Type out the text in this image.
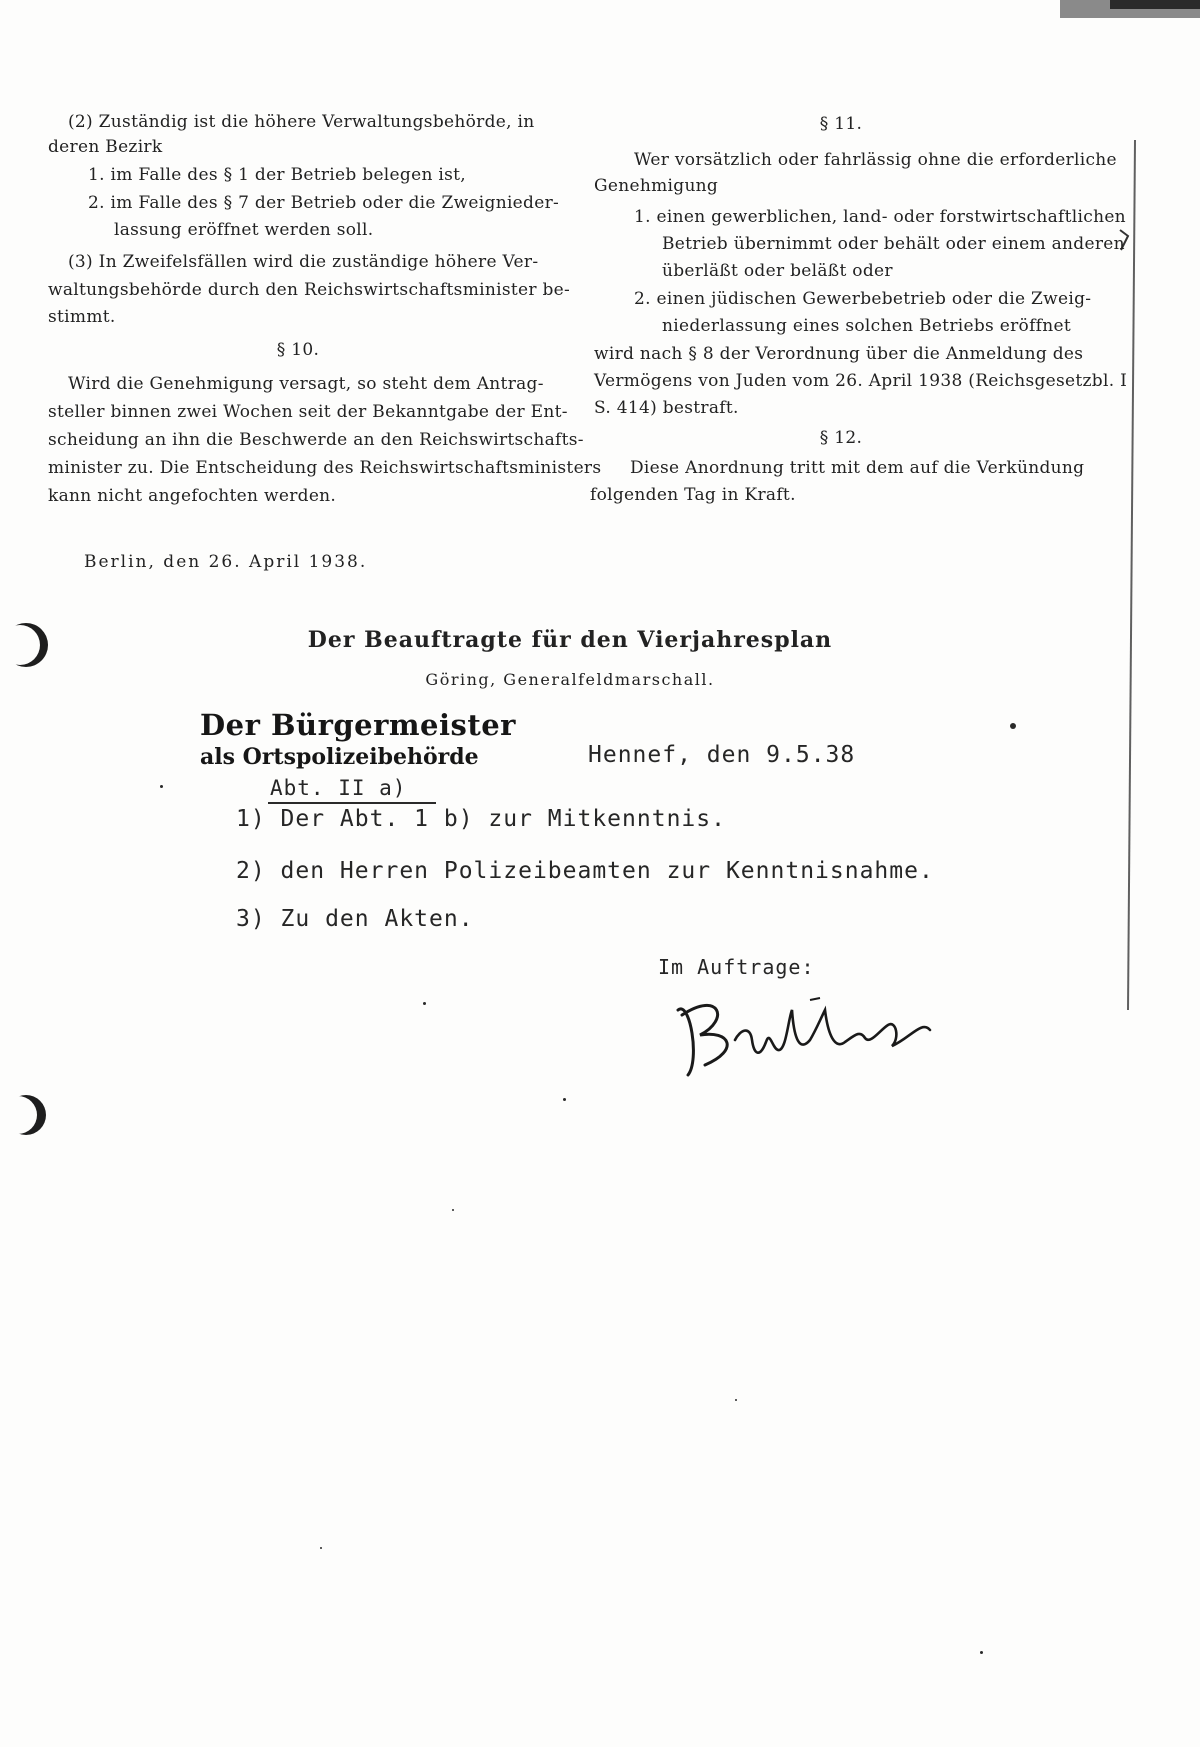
(2) Zuständig ist die höhere Verwaltungsbehörde, in
deren Bezirk
1. im Falle des § 1 der Betrieb belegen ist,
2. im Falle des § 7 der Betrieb oder die Zweignieder-
lassung eröffnet werden soll.
(3) In Zweifelsfällen wird die zuständige höhere Ver-
waltungsbehörde durch den Reichswirtschaftsminister be-
stimmt.
§ 10.
Wird die Genehmigung versagt, so steht dem Antrag-
steller binnen zwei Wochen seit der Bekanntgabe der Ent-
scheidung an ihn die Beschwerde an den Reichswirtschafts-
minister zu. Die Entscheidung des Reichswirtschaftsministers
kann nicht angefochten werden.
§ 11.
Wer vorsätzlich oder fahrlässig ohne die erforderliche
Genehmigung
1. einen gewerblichen, land- oder forstwirtschaftlichen
Betrieb übernimmt oder behält oder einem anderen
überläßt oder beläßt oder
2. einen jüdischen Gewerbebetrieb oder die Zweig-
niederlassung eines solchen Betriebs eröffnet
wird nach § 8 der Verordnung über die Anmeldung des
Vermögens von Juden vom 26. April 1938 (Reichsgesetzbl. I
S. 414) bestraft.
§ 12.
Diese Anordnung tritt mit dem auf die Verkündung
folgenden Tag in Kraft.
Berlin, den 26. April 1938.
Der Beauftragte für den Vierjahresplan
Göring, Generalfeldmarschall.
Der Bürgermeister
als Ortspolizeibehörde	Hennef, den 9.5.38
Abt. II a)
1) Der Abt. 1 b) zur Mitkenntnis.
2) den Herren Polizeibeamten zur Kenntnisnahme.
3) Zu den Akten.
Im Auftrage:
